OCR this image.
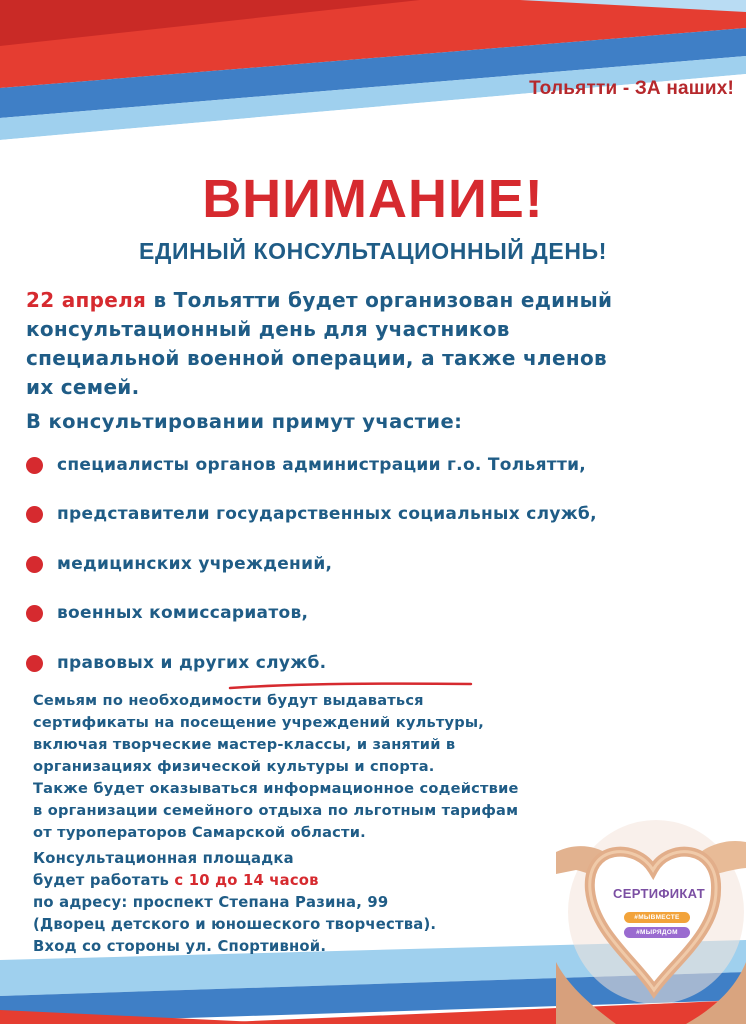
Тольятти - ЗА наших!
ВНИМАНИЕ!
ЕДИНЫЙ КОНСУЛЬТАЦИОННЫЙ ДЕНЬ!

22 апреля в Тольятти будет организован единый

консультационный день для участников

специальной военной операции, а также членов

их семей.

В консультировании примут участие:
специалисты органов администрации г.о. Тольятти,
представители государственных социальных служб,
медицинских учреждений,
военных комиссариатов,
правовых и других служб.

Семьям по необходимости будут выдаваться

сертификаты на посещение учреждений культуры,

включая творческие мастер-классы, и занятий в

организациях физической культуры и спорта.

Также будет оказываться информационное содействие

в организации семейного отдыха по льготным тарифам

от туроператоров Самарской области.

Консультационная площадка

будет работать с 10 до 14 часов

по адресу: проспект Степана Разина, 99

(Дворец детского и юношеского творчества).

Вход со стороны ул. Спортивной.

СЕРТИФИКАТ
#МЫВМЕСТЕ
#МЫРЯДОМ
